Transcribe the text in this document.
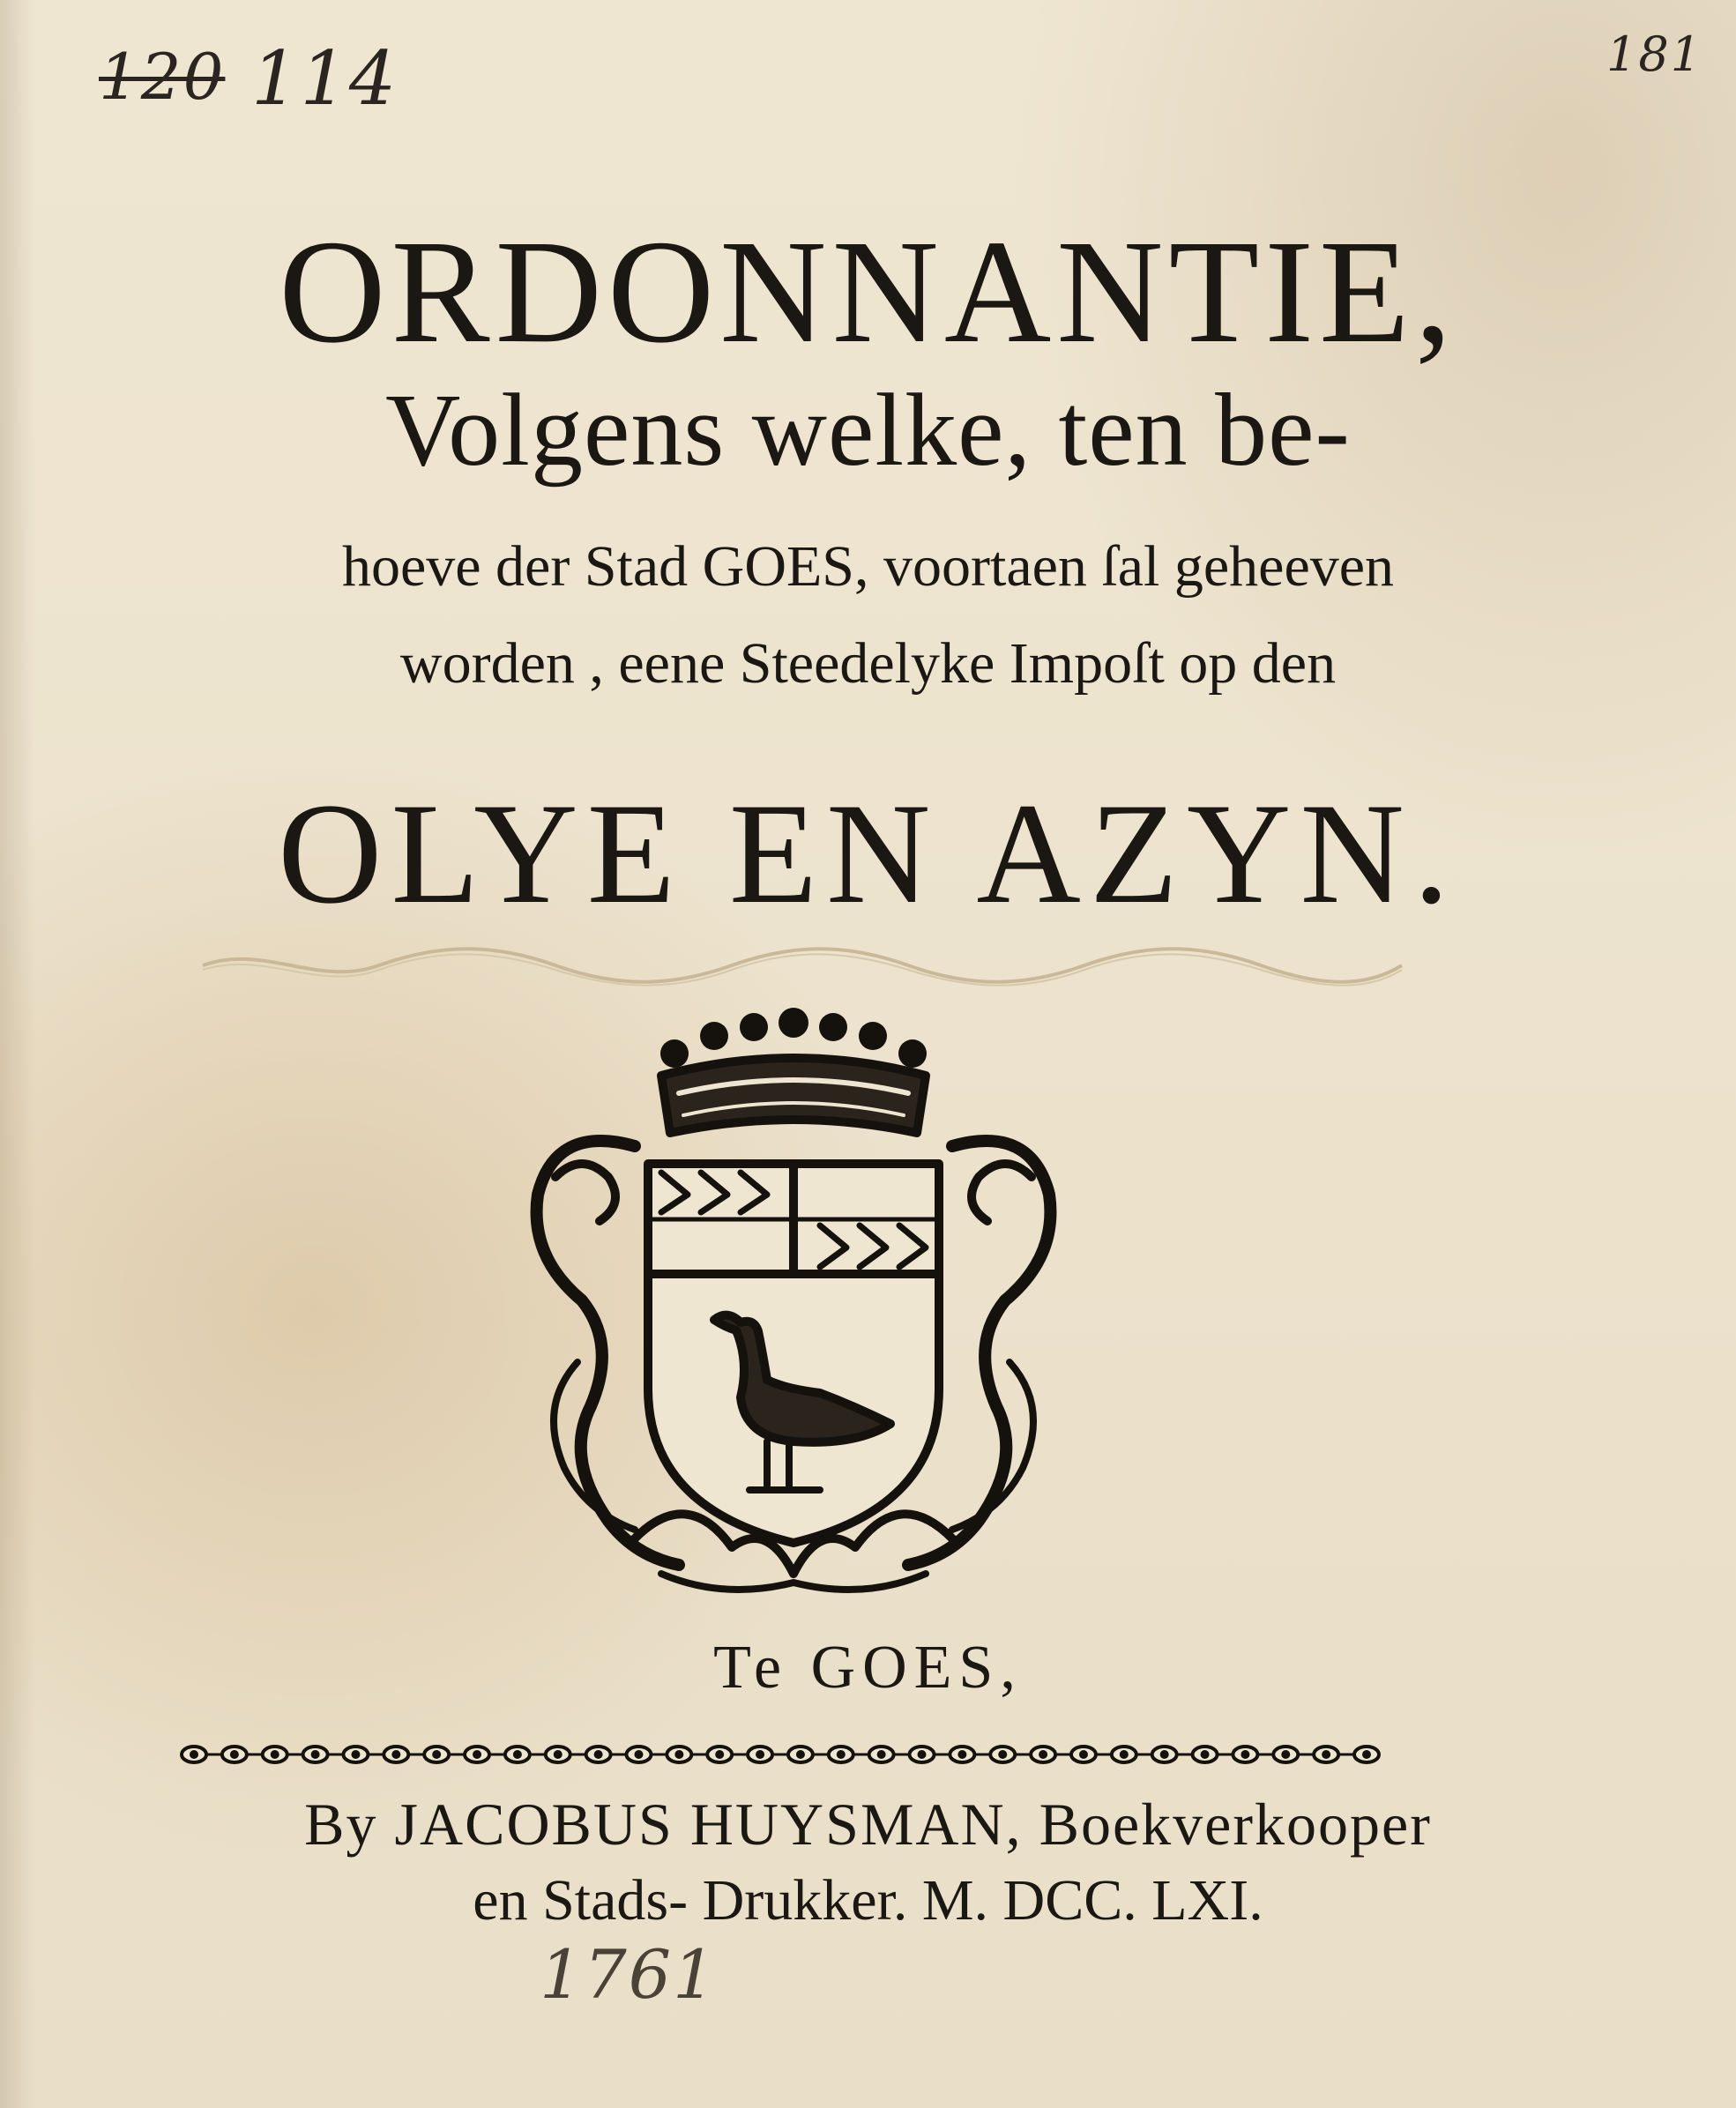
120 114	181
ORDONNANTIE,
Volgens welke, ten be-
hoeve der Stad GOES, voortaen ſal geheeven
worden , eene Steedelyke Impoſt op den
OLYE EN AZYN.
Te GOES,
By JACOBUS HUYSMAN, Boekverkooper
en Stads- Drukker. M. DCC. LXI.
1761
